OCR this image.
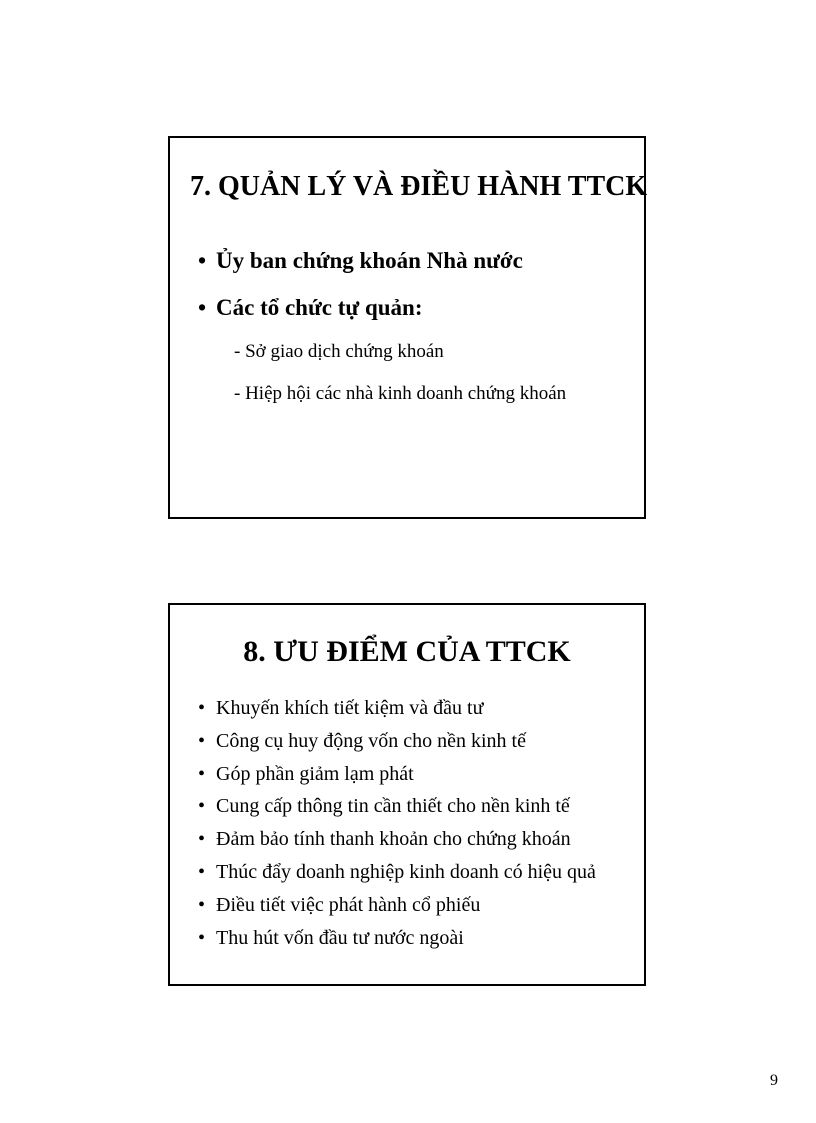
7. QUẢN LÝ VÀ ĐIỀU HÀNH TTCK
• Ủy ban chứng khoán Nhà nước
• Các tổ chức tự quản:
- Sở giao dịch chứng khoán
- Hiệp hội các nhà kinh doanh chứng khoán
8. ƯU ĐIỂM CỦA TTCK
• Khuyến khích tiết kiệm và đầu tư
• Công cụ huy động vốn cho nền kinh tế
• Góp phần giảm lạm phát
• Cung cấp thông tin cần thiết cho nền kinh tế
• Đảm bảo tính thanh khoản cho chứng khoán
• Thúc đẩy doanh nghiệp kinh doanh có hiệu quả
• Điều tiết việc phát hành cổ phiếu
• Thu hút vốn đầu tư nước ngoài
9
